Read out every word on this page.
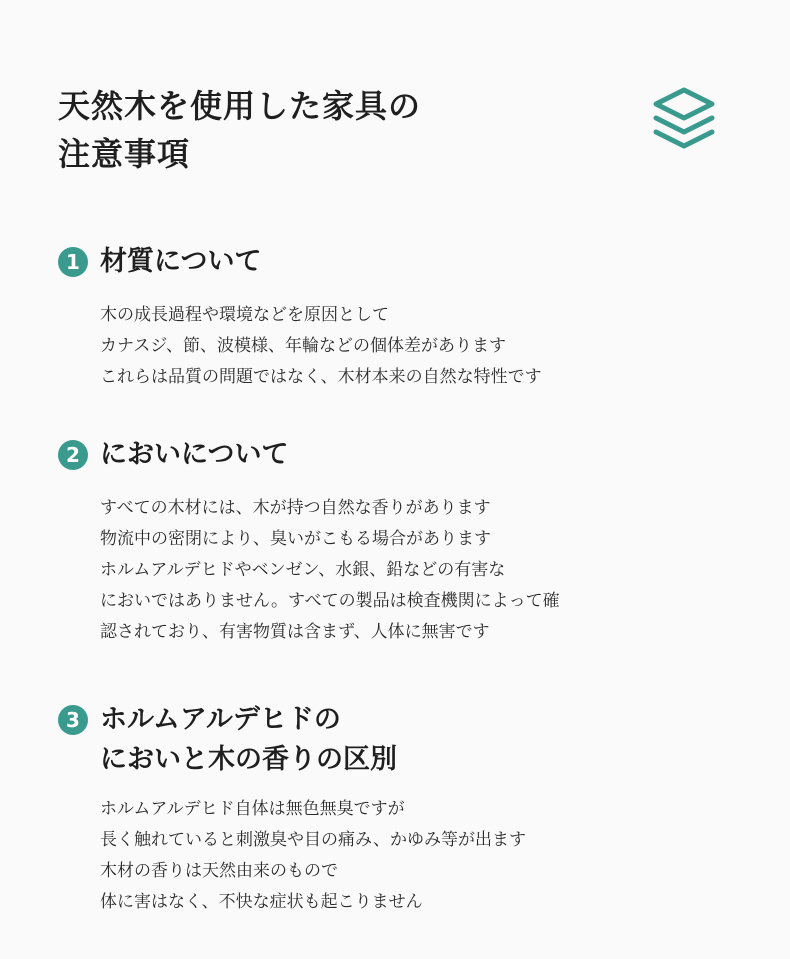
天然木を使用した家具の
注意事項
1 材質について

木の成長過程や環境などを原因として

カナスジ、節、波模様、年輪などの個体差があります

これらは品質の問題ではなく、木材本来の自然な特性です

2 においについて

すべての木材には、木が持つ自然な香りがあります

物流中の密閉により、臭いがこもる場合があります

ホルムアルデヒドやベンゼン、水銀、鉛などの有害な

においではありません。すべての製品は検査機関によって確

認されており、有害物質は含まず、人体に無害です

3 ホルムアルデヒドの
においと木の香りの区別

ホルムアルデヒド自体は無色無臭ですが

長く触れていると刺激臭や目の痛み、かゆみ等が出ます

木材の香りは天然由来のもので

体に害はなく、不快な症状も起こりません
